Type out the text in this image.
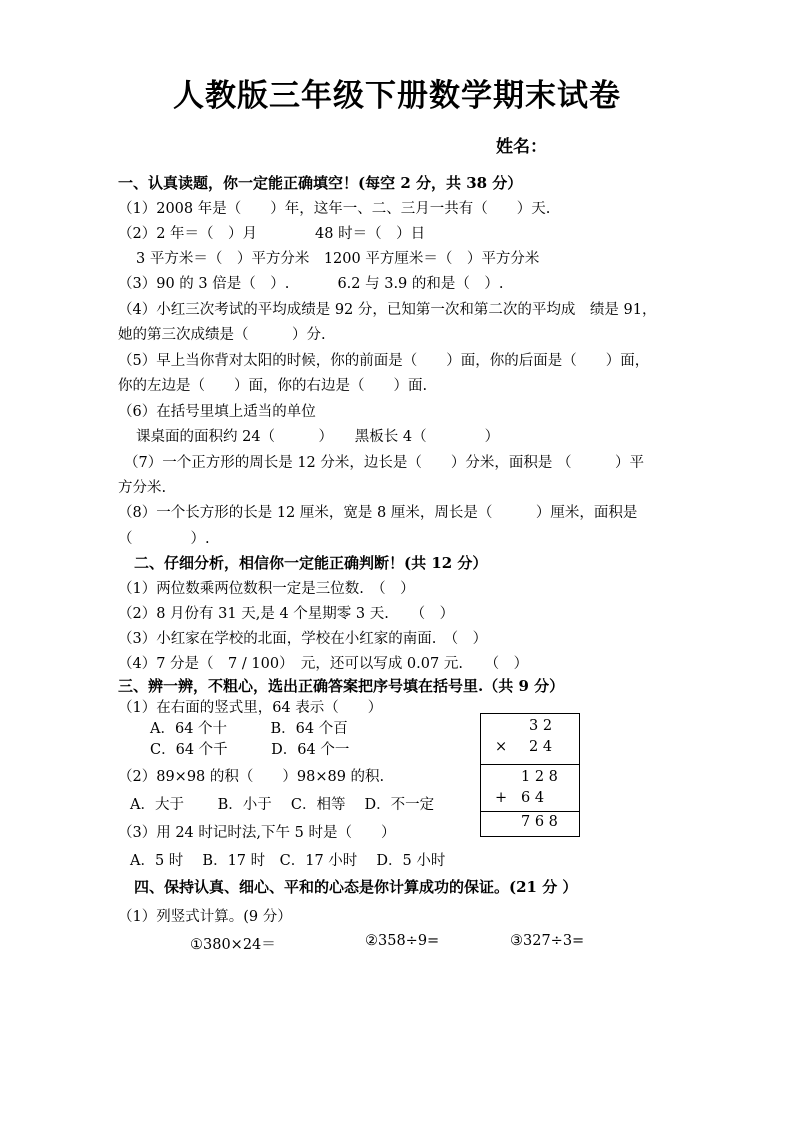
人教版三年级下册数学期末试卷
姓名：
一、认真读题，你一定能正确填空！(每空 2 分，共 38 分）
（1）2008 年是（　　）年，这年一、二、三月一共有（　　）天.
（2）2 年＝（　）月　　　　48 时＝（　）日
3 平方米＝（　）平方分米　1200 平方厘米＝（　）平方分米
（3）90 的 3 倍是（　）.　　　 6.2 与 3.9 的和是（　）.
（4）小红三次考试的平均成绩是 92 分，已知第一次和第二次的平均成　绩是 91，
她的第三次成绩是（　　　）分.
（5）早上当你背对太阳的时候，你的前面是（　　）面，你的后面是（　　）面，
你的左边是（　　）面，你的右边是（　　）面.
（6）在括号里填上适当的单位
课桌面的面积约 24（　　　）　　黑板长 4（　　　　）
（7）一个正方形的周长是 12 分米，边长是（　　）分米，面积是 （　　　）平
方分米.
（8）一个长方形的长是 12 厘米，宽是 8 厘米，周长是（　　　）厘米，面积是
（　　　　）.
二、仔细分析，相信你一定能正确判断！(共 12 分）
（1）两位数乘两位数积一定是三位数.　（　）
（2）8 月份有 31 天,是 4 个星期零 3 天.　　（　）
（3）小红家在学校的北面，学校在小红家的南面.　（　）
（4）7 分是（　7 / 100）　元，还可以写成 0.07 元.　　（　）
三、辨一辨，不粗心，选出正确答案把序号填在括号里.（共 9 分）
（1）在右面的竖式里，64 表示（　　）
A．64 个十　　　B．64 个百
C．64 个千　　　D．64 个一
（2）89×98 的积（　　）98×89 的积.
A．大于　　 B．小于　 C．相等　 D．不一定
（3）用 24 时记时法,下午 5 时是（　　）
A．5 时　 B．17 时　C．17 小时　 D．5 小时
3 2
× 2 4
1 2 8
+ 6 4
7 6 8
四、保持认真、细心、平和的心态是你计算成功的保证。(21 分 ）
（1）列竖式计算。(9 分）
①380×24＝	②358÷9=	③327÷3=
